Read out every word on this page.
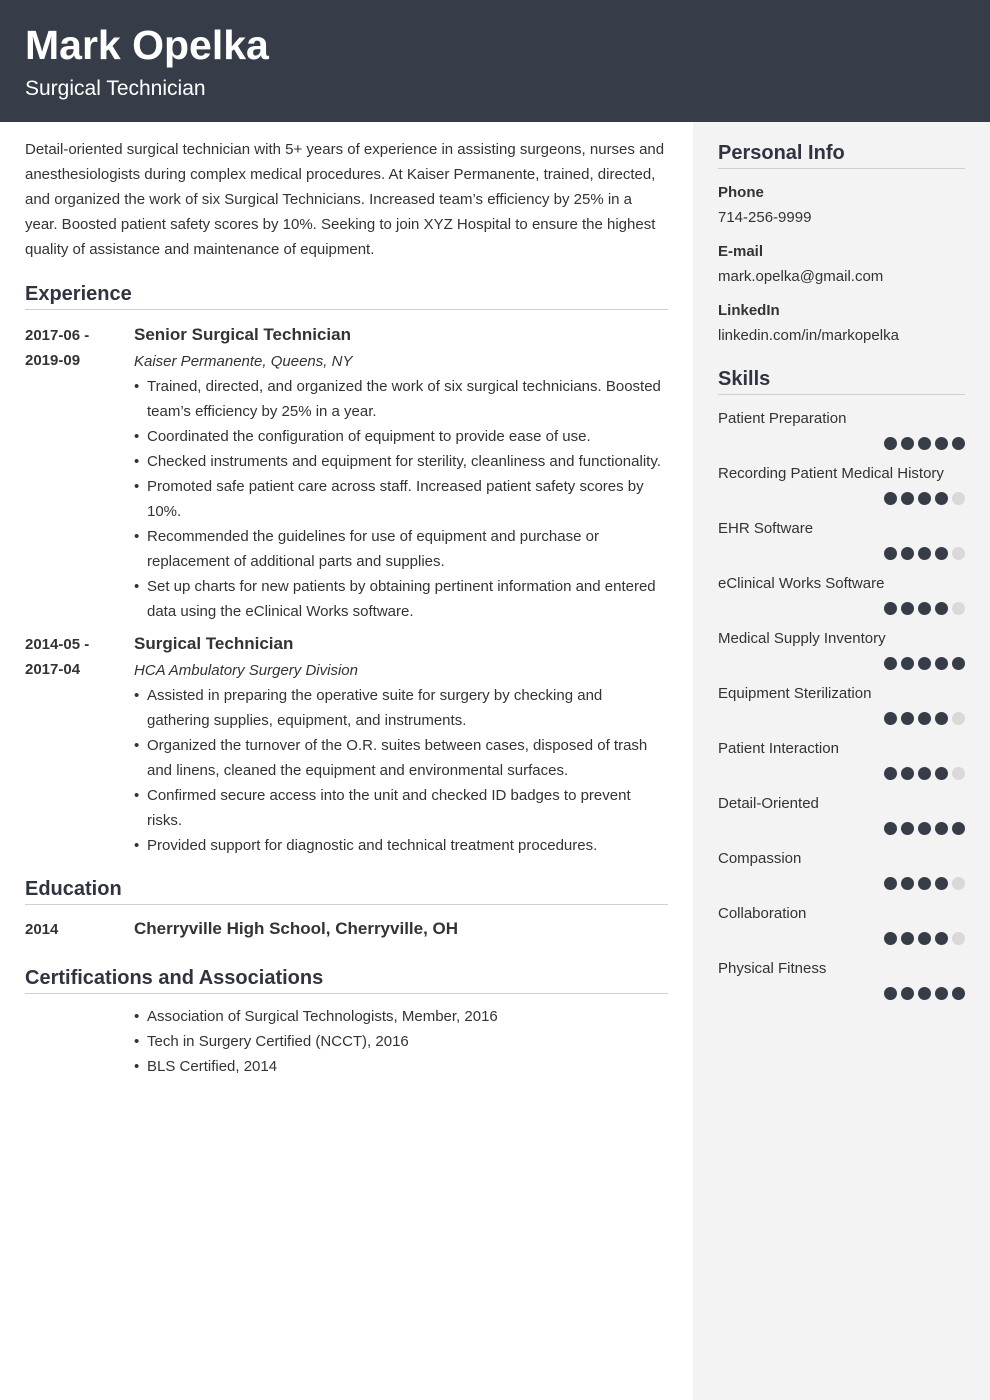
Mark Opelka
Surgical Technician

Detail-oriented surgical technician with 5+ years of experience in assisting surgeons, nurses and anesthesiologists during complex medical procedures. At Kaiser Permanente, trained, directed, and organized the work of six Surgical Technicians. Increased team’s efficiency by 25% in a year. Boosted patient safety scores by 10%. Seeking to join XYZ Hospital to ensure the highest quality of assistance and maintenance of equipment.

Experience
2017-06 -
2019-09
Senior Surgical Technician
Kaiser Permanente, Queens, NY
• Trained, directed, and organized the work of six surgical technicians. Boosted team’s efficiency by 25% in a year.
• Coordinated the configuration of equipment to provide ease of use.
• Checked instruments and equipment for sterility, cleanliness and functionality.
• Promoted safe patient care across staff. Increased patient safety scores by 10%.
• Recommended the guidelines for use of equipment and purchase or replacement of additional parts and supplies.
• Set up charts for new patients by obtaining pertinent information and entered data using the eClinical Works software.
2014-05 -
2017-04
Surgical Technician
HCA Ambulatory Surgery Division
• Assisted in preparing the operative suite for surgery by checking and gathering supplies, equipment, and instruments.
• Organized the turnover of the O.R. suites between cases, disposed of trash and linens, cleaned the equipment and environmental surfaces.
• Confirmed secure access into the unit and checked ID badges to prevent risks.
• Provided support for diagnostic and technical treatment procedures.
Education
2014	Cherryville High School, Cherryville, OH
Certifications and Associations
• Association of Surgical Technologists, Member, 2016
• Tech in Surgery Certified (NCCT), 2016
• BLS Certified, 2014
Personal Info
Phone
714-256-9999
E-mail
mark.opelka@gmail.com
LinkedIn
linkedin.com/in/markopelka
Skills
Patient Preparation
Recording Patient Medical History
EHR Software
eClinical Works Software
Medical Supply Inventory
Equipment Sterilization
Patient Interaction
Detail-Oriented
Compassion
Collaboration
Physical Fitness
